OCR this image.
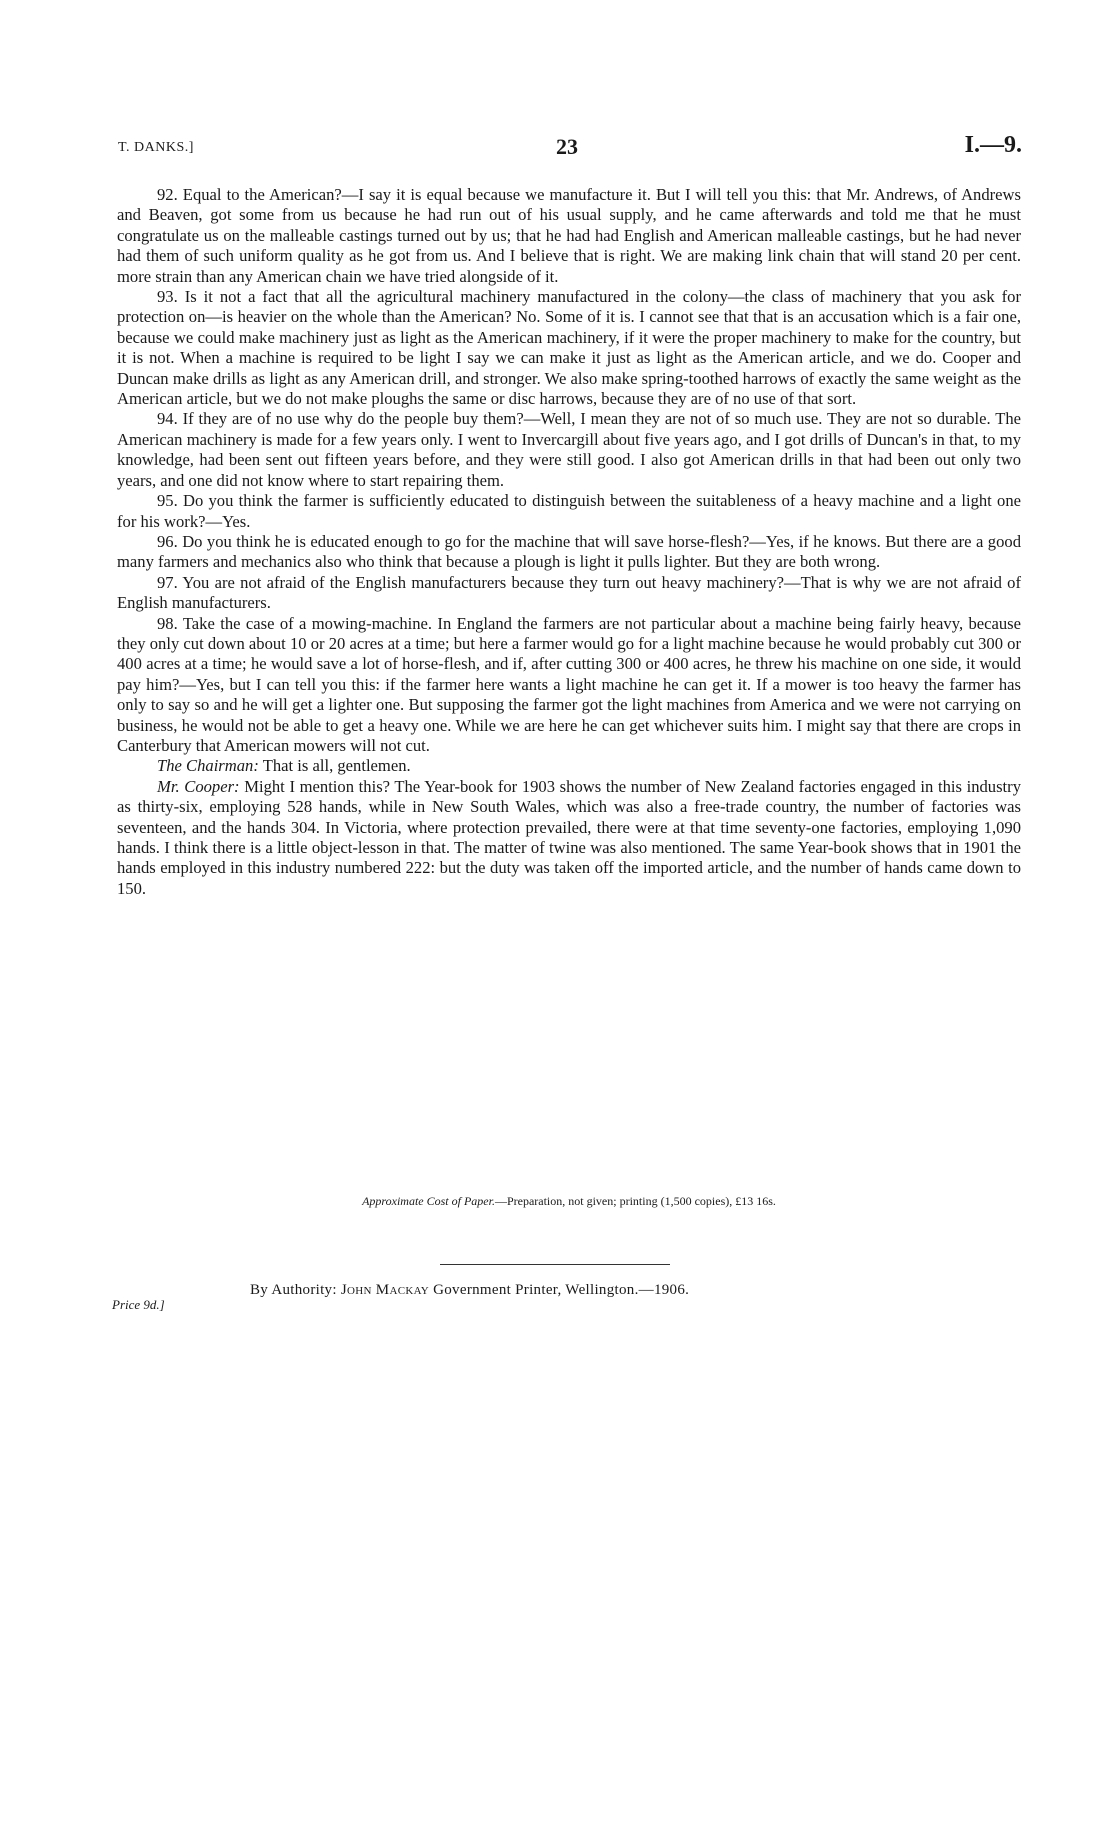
T. DANKS.]	23	I.—9.

92. Equal to the American?—I say it is equal because we manufacture it. But I will tell you this: that Mr. Andrews, of Andrews and Beaven, got some from us because he had run out of his usual supply, and he came afterwards and told me that he must congratulate us on the malleable castings turned out by us; that he had had English and American malleable castings, but he had never had them of such uniform quality as he got from us. And I believe that is right. We are making link chain that will stand 20 per cent. more strain than any American chain we have tried alongside of it.

93. Is it not a fact that all the agricultural machinery manufactured in the colony—the class of machinery that you ask for protection on—is heavier on the whole than the American? No. Some of it is. I cannot see that that is an accusation which is a fair one, because we could make machinery just as light as the American machinery, if it were the proper machinery to make for the country, but it is not. When a machine is required to be light I say we can make it just as light as the American article, and we do. Cooper and Duncan make drills as light as any American drill, and stronger. We also make spring-toothed harrows of exactly the same weight as the American article, but we do not make ploughs the same or disc harrows, because they are of no use of that sort.

94. If they are of no use why do the people buy them?—Well, I mean they are not of so much use. They are not so durable. The American machinery is made for a few years only. I went to Invercargill about five years ago, and I got drills of Duncan's in that, to my knowledge, had been sent out fifteen years before, and they were still good. I also got American drills in that had been out only two years, and one did not know where to start repairing them.

95. Do you think the farmer is sufficiently educated to distinguish between the suitableness of a heavy machine and a light one for his work?—Yes.

96. Do you think he is educated enough to go for the machine that will save horse-flesh?—Yes, if he knows. But there are a good many farmers and mechanics also who think that because a plough is light it pulls lighter. But they are both wrong.

97. You are not afraid of the English manufacturers because they turn out heavy machinery?—That is why we are not afraid of English manufacturers.

98. Take the case of a mowing-machine. In England the farmers are not particular about a machine being fairly heavy, because they only cut down about 10 or 20 acres at a time; but here a farmer would go for a light machine because he would probably cut 300 or 400 acres at a time; he would save a lot of horse-flesh, and if, after cutting 300 or 400 acres, he threw his machine on one side, it would pay him?—Yes, but I can tell you this: if the farmer here wants a light machine he can get it. If a mower is too heavy the farmer has only to say so and he will get a lighter one. But supposing the farmer got the light machines from America and we were not carrying on business, he would not be able to get a heavy one. While we are here he can get whichever suits him. I might say that there are crops in Canterbury that American mowers will not cut.

The Chairman: That is all, gentlemen.

Mr. Cooper: Might I mention this? The Year-book for 1903 shows the number of New Zealand factories engaged in this industry as thirty-six, employing 528 hands, while in New South Wales, which was also a free-trade country, the number of factories was seventeen, and the hands 304. In Victoria, where protection prevailed, there were at that time seventy-one factories, employing 1,090 hands. I think there is a little object-lesson in that. The matter of twine was also mentioned. The same Year-book shows that in 1901 the hands employed in this industry numbered 222: but the duty was taken off the imported article, and the number of hands came down to 150.

Approximate Cost of Paper.—Preparation, not given; printing (1,500 copies), £13 16s.
Price 9d.]
By Authority: John Mackay Government Printer, Wellington.—1906.
